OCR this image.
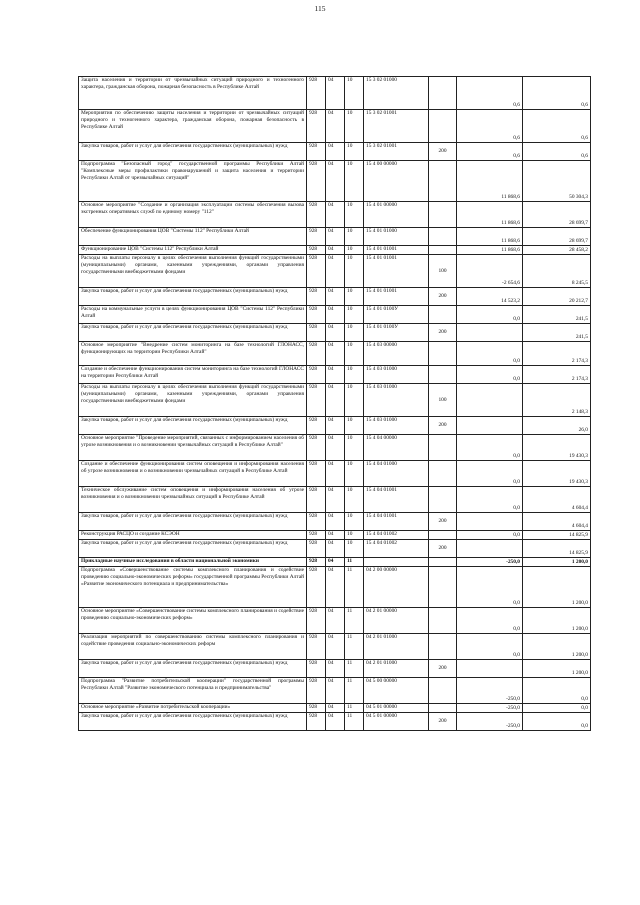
115
Защита населения и территории от чрезвычайных ситуаций природного и техногенного характера, гражданская оборона, пожарная безопасность в Республике Алтай	928	04	10	15 3 02 01000		0,6	0,6
Мероприятия по обеспечению защиты населения и территории от чрезвычайных ситуаций природного и техногенного характера, гражданская оборона, пожарная безопасность в Республике Алтай	928	04	10	15 3 02 01001		0,6	0,6
Закупка товаров, работ и услуг для обеспечения государственных (муниципальных) нужд	928	04	10	15 3 02 01001	200	0,6	0,6
Подпрограмма "Безопасный город" государственной программы Республики Алтай "Комплексные меры профилактики правонарушений и защита населения и территории Республики Алтай от чрезвычайных ситуаций"	928	04	10	15 4 00 00000		11 868,6	50 304,3
Основное мероприятие "Создание и организация эксплуатации системы обеспечения вызова экстренных оперативных служб по единому номеру "112"	928	04	10	15 4 01 00000		11 868,6	28 699,7
Обеспечение функционирования ЦОВ "Системы 112" Республики Алтай	928	04	10	15 4 01 01000		11 868,6	28 699,7
Функционирование ЦОВ "Системы 112" Республики Алтай	928	04	10	15 4 01 01001		11 868,6	28 458,2
Расходы на выплаты персоналу в целях обеспечения выполнения функций государственными (муниципальными) органами, казенными учреждениями, органами управления государственными внебюджетными фондами	928	04	10	15 4 01 01001	100	-2 654,6	8 245,5
Закупка товаров, работ и услуг для обеспечения государственных (муниципальных) нужд	928	04	10	15 4 01 01001	200	14 523,2	20 212,7
Расходы на коммунальные услуги в целях функционирования ЦОВ "Системы 112" Республики Алтай	928	04	10	15 4 01 0100У		0,0	241,5
Закупка товаров, работ и услуг для обеспечения государственных (муниципальных) нужд	928	04	10	15 4 01 0100У	200		241,5
Основное мероприятие "Внедрение систем мониторинга на базе технологий ГЛОНАСС, функционирующих на территории Республики Алтай"	928	04	10	15 4 03 00000		0,0	2 174,3
Создание и обеспечение функционирования систем мониторинга на базе технологий ГЛОНАСС на территории Республики Алтай	928	04	10	15 4 03 01000		0,0	2 174,3
Расходы на выплаты персоналу в целях обеспечения выполнения функций государственными (муниципальными) органами, казенными учреждениями, органами управления государственными внебюджетными фондами	928	04	10	15 4 03 01000	100		2 148,3
Закупка товаров, работ и услуг для обеспечения государственных (муниципальных) нужд	928	04	10	15 4 03 01000	200		26,0
Основное мероприятие "Проведение мероприятий, связанных с информированием населения об угрозе возникновения и о возникновении чрезвычайных ситуаций в Республике Алтай"	928	04	10	15 4 04 00000		0,0	19 430,3
Создание и обеспечение функционирования систем оповещения и информирования населения об угрозе возникновения и о возникновении чрезвычайных ситуаций в Республике Алтай	928	04	10	15 4 04 01000		0,0	19 430,3
Техническое обслуживание систем оповещения и информирования населения об угрозе возникновения и о возникновении чрезвычайных ситуаций в Республике Алтай	928	04	10	15 4 04 01001		0,0	4 604,4
Закупка товаров, работ и услуг для обеспечения государственных (муниципальных) нужд	928	04	10	15 4 04 01001	200		4 604,4
Реконструкция РАСЦО и создание КСЭОН	928	04	10	15 4 04 01002		0,0	14 825,9
Закупка товаров, работ и услуг для обеспечения государственных (муниципальных) нужд	928	04	10	15 4 04 01002	200		14 825,9
Прикладные научные исследования в области национальной экономики	928	04	11			-250,0	1 200,0
Подпрограмма «Совершенствование системы комплексного планирования и содействие проведению социально-экономических реформ» государственной программы Республики Алтай «Развитие экономического потенциала и предпринимательства»	928	04	11	04 2 00 00000		0,0	1 200,0
Основное мероприятие «Совершенствование системы комплексного планирования и содействие проведению социально-экономических реформ»	928	04	11	04 2 01 00000		0,0	1 200,0
Реализация мероприятий по совершенствованию системы комплексного планирования и содействие проведения социально-экономических реформ	928	04	11	04 2 01 01000		0,0	1 200,0
Закупка товаров, работ и услуг для обеспечения государственных (муниципальных) нужд	928	04	11	04 2 01 01000	200		1 200,0
Подпрограмма "Развитие потребительской кооперации" государственной программы Республики Алтай "Развитие экономического потенциала и предпринимательства"	928	04	11	04 5 00 00000		-250,0	0,0
Основное мероприятие «Развитие потребительской кооперации»	928	04	11	04 5 01 00000		-250,0	0,0
Закупка товаров, работ и услуг для обеспечения государственных (муниципальных) нужд	928	04	11	04 5 01 00000	200	-250,0	0,0
